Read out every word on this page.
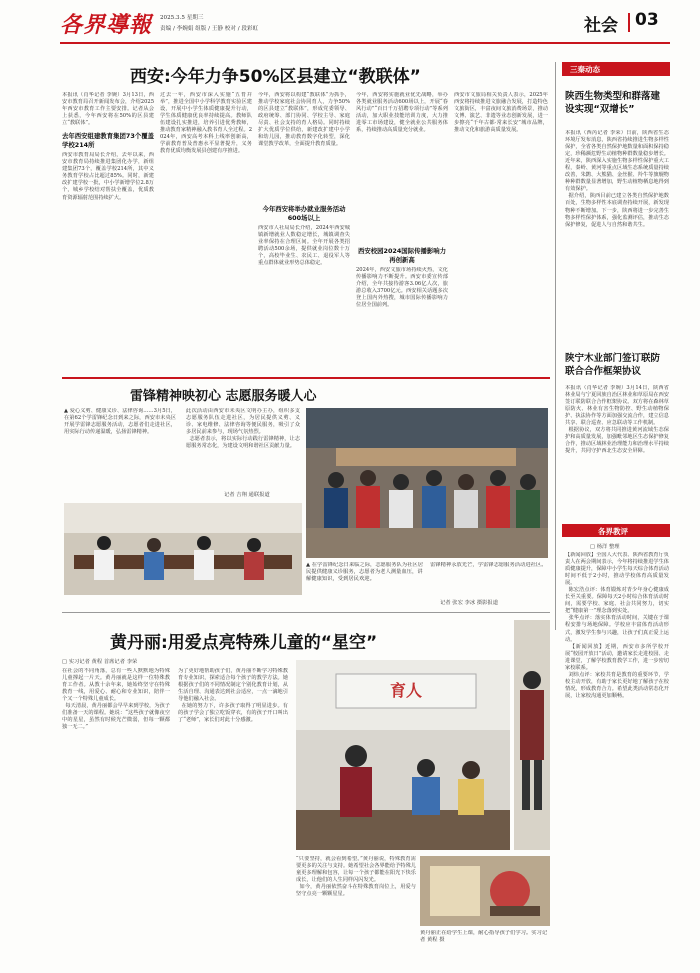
各界導報 2025.3.5 星期三
责编 / 李婉娟 组版 / 王静 校对 / 段彩虹	社会 03
西安:今年力争50%区县建立“教联体”
本报讯（肖华记者 李婉）3月13日，西安市教育局召开新闻发布会，介绍2025年西安市教育工作主要安排。记者从会上获悉，今年西安将在50%的区县建立“教联体”。
去年西安组建教育集团73个覆盖学校214所
西安市教育局局长介绍，去年以来，西安市教育局持续推进集团化办学，新组建集团73个，覆盖学校214所，其中义务教育学校占比超过85%。同时，新建改扩建学校一批，中小学新增学位2.8万个，城乡学校结对帮扶全覆盖，优质教育资源辐射范围持续扩大。
过去一年，西安市深入实施“五育并举”，推进全国中小学科学教育实验区建设，开展中小学生体质健康提升行动，学生体质健康优良率持续提高。教师队伍建设扎实推进，培养引进优秀教师，推动教育家精神融入教书育人全过程。2024年，西安高考本科上线率创新高，学前教育普及普惠水平显著提升，义务教育优质均衡发展县创建有序推进。
今年，西安将以构建“教联体”为抓手，推动学校家庭社会协同育人，力争50%的区县建立“教联体”，形成党委领导、政府统筹、部门协同、学校主导、家庭尽责、社会支持的育人格局。同时持续扩大优质学位供给，新建改扩建中小学和幼儿园，推动教育数字化转型，深化课堂教学改革，全面提升教育质量。
今年西安将举办就业服务活动600场以上
西安市人社局局长介绍，2024年西安城镇新增就业人数稳定增长，城镇调查失业率保持在合理区间。全年开展各类招聘活动500余场，提供就业岗位数十万个，高校毕业生、农民工、退役军人等重点群体就业形势总体稳定。
今年，西安将实施就业优先战略，举办各类就业服务活动600场以上，开展“春风行动”“百日千万招聘专项行动”等系列活动，加大职业技能培训力度，大力推进零工市场建设，健全就业公共服务体系，持续推动高质量充分就业。
西安校园2024国际传播影响力再创新高
2024年，西安文旅市场持续火热，文化传播影响力不断提升。西安市委宣传部介绍，全年共接待游客3.06亿人次，旅游总收入3700亿元。西安相关话题多次登上国内外热搜，城市国际传播影响力位居全国前列。
西安市文旅局相关负责人表示，2025年西安将持续推进文旅融合发展，打造特色文旅街区，丰富夜间文旅消费场景，推动文博、演艺、非遗等业态创新发展，进一步擦亮“千年古都·常来长安”城市品牌，推动文化和旅游高质量发展。
三秦动态
陕西生物类型和群落建设实现“双增长”
本报讯（西芮记者 李荣）日前，陕西省生态环境厅发布消息，陕西省持续推进生物多样性保护，全省各类自然保护地数量和面积保持稳定，珍稀濒危野生动植物种群数量稳步增长。近年来，陕西深入实施生物多样性保护重大工程，秦岭、黄河等重点区域生态系统质量持续改善，朱鹮、大熊猫、金丝猴、羚牛等旗舰物种种群数量显著增加，野生动植物栖息地得到有效保护。
据介绍，陕西目前已建立各类自然保护地数百处，生物多样性本底调查持续开展，新发现物种不断增加。下一步，陕西将进一步完善生物多样性保护体系，强化监测评估，推动生态保护修复，促进人与自然和谐共生。
陕宁木业部门签订联防联合合作框架协议
本报讯（肖华记者 李婉）3月14日，陕西省林业局与宁夏回族自治区林业和草原局在西安签订联防联合合作框架协议。双方将在森林草原防火、林业有害生物防控、野生动植物保护、执法协作等方面加强交流合作，建立信息共享、联合巡查、应急联动等工作机制。
根据协议，双方将共同推进黄河流域生态保护和高质量发展，加强毗邻地区生态保护修复合作，推动区域林业治理能力和治理水平持续提升，共同守护西北生态安全屏障。
各界教评
□ 杨洋 整理
【新闻回放】全国人大代表、陕西省教育厅负责人在两会期间表示，今年将持续推进学生体质健康提升，保障中小学生每天综合体育活动时间不低于2小时，推动学校体育高质量发展。
陈宏浩点评：体育锻炼对青少年身心健康成长至关重要。保障每天2小时综合体育活动时间，需要学校、家庭、社会共同努力，切实把“健康第一”理念落到实处。
张华点评：落实体育活动时间，关键在于课程安排与场地保障。学校应丰富体育活动形式，激发学生参与兴趣，让孩子们真正爱上运动。
【新闻回放】近期，西安市多所学校开展“校园开放日”活动，邀请家长走进校园、走进课堂，了解学校教育教学工作，进一步密切家校联系。
刘炜点评：家校共育是教育的重要环节，学校主动开放，有助于家长更好地了解孩子在校情况，形成教育合力。希望此类活动常态化开展，让家校沟通更加顺畅。
雷锋精神映初心 志愿服务暖人心
▲ 爱心义剪、健康义诊、法律咨询……3月5日，在第62个学雷锋纪念日到来之际，西安市未央区开展学雷锋志愿服务活动，志愿者们走进社区，用实际行动传递温暖，弘扬雷锋精神。
此次活动由西安市未央区文明办主办，组织多支志愿服务队伍走进社区，为居民提供义剪、义诊、家电维修、法律咨询等便民服务，吸引了众多居民前来参与，现场气氛热烈。
志愿者表示，将以实际行动践行雷锋精神，让志愿服务常态化，为建设文明和谐社区贡献力量。
记者 吉翔 通联报道
▲ 在学雷锋纪念日来临之际，志愿服务队为社区居民提供健康义诊服务，志愿者为老人测量血压，讲解健康知识，受到居民欢迎。
雷锋精神永放光芒，学雷锋志愿服务活动进社区。
记者 张宏 李冰 摄影报道
黄丹丽:用爱点亮特殊儿童的“星空”
□ 实习记者 黄程 首席记者 李荣
在社会的不同角落，总有一些人默默地为特殊儿童撑起一片天。黄丹丽就是这样一位特殊教育工作者。从教十余年来，她始终坚守在特殊教育一线，用爱心、耐心和专业知识，陪伴一个又一个特殊儿童成长。
每天清晨，黄丹丽都会早早来到学校，为孩子们准备一天的课程。她说：“这些孩子就像夜空中的星星，虽然有时候光芒微弱，但每一颗都独一无二。”
为了更好地帮助孩子们，黄丹丽不断学习特殊教育专业知识，探索适合每个孩子的教学方法。她根据孩子们的不同情况制定个别化教育计划，从生活自理、沟通表达到社会适应，一点一滴地引导他们融入社会。
在她的努力下，许多孩子取得了明显进步。有的孩子学会了独立吃饭穿衣，有的孩子开口叫出了“老师”，家长们对此十分感激。
育人
“只要坚持，就会看到希望。”黄丹丽说，特殊教育需要更多的关注与支持。她希望社会各界能给予特殊儿童更多理解和包容，让每一个孩子都能在阳光下快乐成长，让他们的人生同样闪闪发光。
如今，黄丹丽依然奋斗在特殊教育岗位上，用爱与坚守点亮一颗颗星星。
黄丹丽正在给学生上课，耐心指导孩子们学习。实习记者 黄程 摄
